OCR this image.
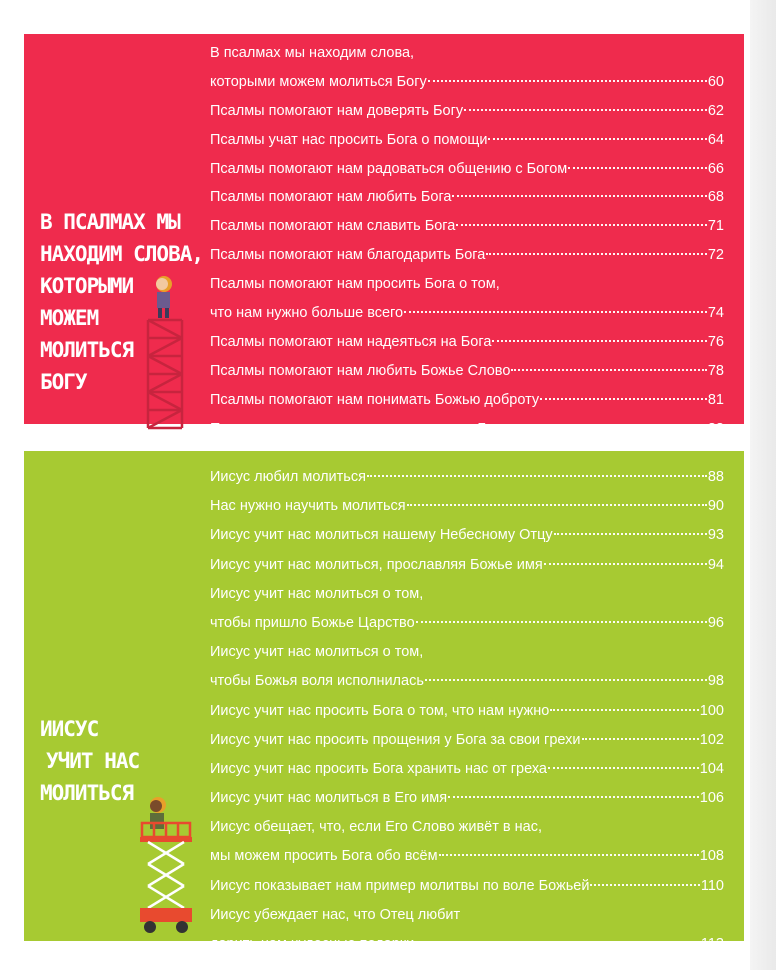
В ПСАЛМАХ МЫ
НАХОДИМ СЛОВА,
КОТОРЫМИ
МОЖЕМ
МОЛИТЬСЯ
БОГУ
В псалмах мы находим слова,
которыми можем молиться Богу	60
Псалмы помогают нам доверять Богу	62
Псалмы учат нас просить Бога о помощи	64
Псалмы помогают нам радоваться общению с Богом	66
Псалмы помогают нам любить Бога	68
Псалмы помогают нам славить Бога	71
Псалмы помогают нам благодарить Бога	72
Псалмы помогают нам просить Бога о том,
что нам нужно больше всего	74
Псалмы помогают нам надеяться на Бога	76
Псалмы помогают нам любить Божье Слово	78
Псалмы помогают нам понимать Божью доброту	81
Псалмы помогают нам верить в то, что Бог знает нас	83
ИИСУС
УЧИТ НАС
МОЛИТЬСЯ
Иисус любил молиться	88
Нас нужно научить молиться	90
Иисус учит нас молиться нашему Небесному Отцу	93
Иисус учит нас молиться, прославляя Божье имя	94
Иисус учит нас молиться о том,
чтобы пришло Божье Царство	96
Иисус учит нас молиться о том,
чтобы Божья воля исполнилась	98
Иисус учит нас просить Бога о том, что нам нужно	100
Иисус учит нас просить прощения у Бога за свои грехи	102
Иисус учит нас просить Бога хранить нас от греха	104
Иисус учит нас молиться в Его имя	106
Иисус обещает, что, если Его Слово живёт в нас,
мы можем просить Бога обо всём	108
Иисус показывает нам пример молитвы по воле Божьей	110
Иисус убеждает нас, что Отец любит
дарить нам чудесные подарки	113
